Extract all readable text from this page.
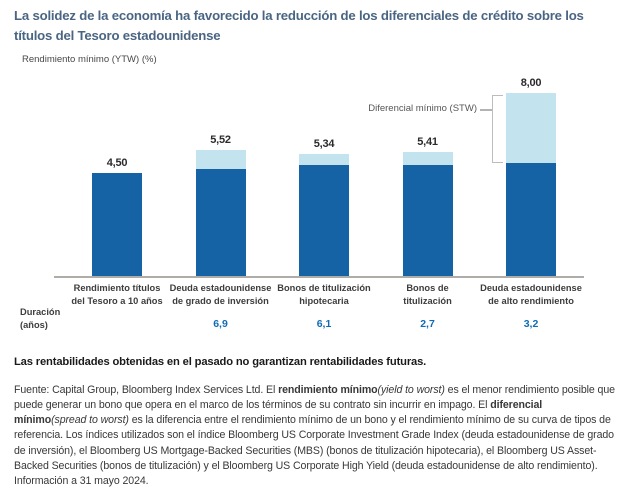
La solidez de la economía ha favorecido la reducción de los diferenciales de crédito sobre los títulos del Tesoro estadounidense
Rendimiento mínimo (YTW) (%)
Diferencial mínimo (STW)
Duración
(años)
4,50
Rendimiento títulos
del Tesoro a 10 años
5,52
Deuda estadounidense
de grado de inversión
6,9
5,34
Bonos de titulización
hipotecaria
6,1
5,41
Bonos de
titulización
2,7
8,00
Deuda estadounidense
de alto rendimiento
3,2
Las rentabilidades obtenidas en el pasado no garantizan rentabilidades futuras.

Fuente: Capital Group, Bloomberg Index Services Ltd. El rendimiento mínimo(yield to worst) es el menor rendimiento posible que puede generar un bono que opera en el marco de los términos de su contrato sin incurrir en impago. El diferencial mínimo(spread to worst) es la diferencia entre el rendimiento mínimo de un bono y el rendimiento mínimo de su curva de tipos de referencia. Los índices utilizados son el índice Bloomberg US Corporate Investment Grade Index (deuda estadounidense de grado de inversión), el Bloomberg US Mortgage-Backed Securities (MBS) (bonos de titulización hipotecaria), el Bloomberg US Asset-Backed Securities (bonos de titulización) y el Bloomberg US Corporate High Yield (deuda estadounidense de alto rendimiento). Información a 31 mayo 2024.
